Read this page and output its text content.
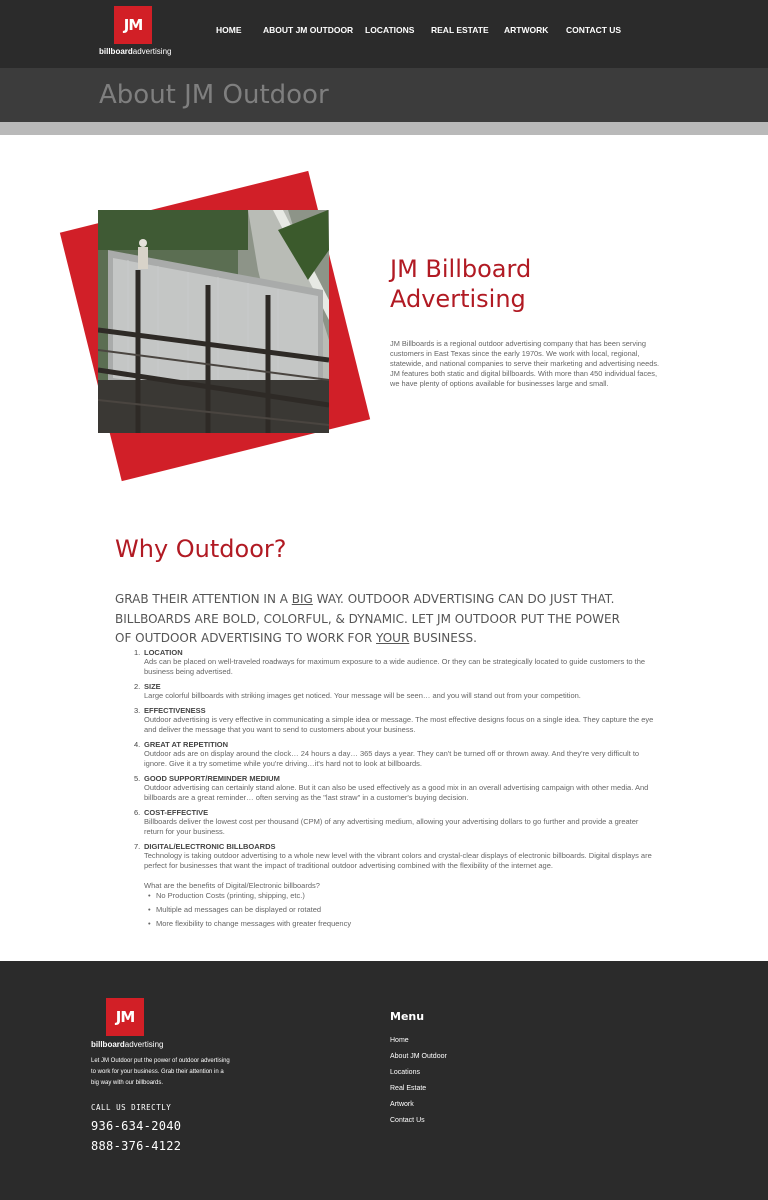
JM
billboardadvertising
HOME	ABOUT JM OUTDOOR LOCATIONS REAL ESTATE ARTWORK CONTACT US
About JM Outdoor
JM Billboard Advertising

JM Billboards is a regional outdoor advertising company that has been serving customers in East Texas since the early 1970s. We work with local, regional, statewide, and national companies to serve their marketing and advertising needs. JM features both static and digital billboards. With more than 450 individual faces, we have plenty of options available for businesses large and small.

Why Outdoor?

GRAB THEIR ATTENTION IN A BIG WAY. OUTDOOR ADVERTISING CAN DO JUST THAT. BILLBOARDS ARE BOLD, COLORFUL, & DYNAMIC. LET JM OUTDOOR PUT THE POWER OF OUTDOOR ADVERTISING TO WORK FOR YOUR BUSINESS.

1. LOCATION
Ads can be placed on well-traveled roadways for maximum exposure to a wide audience. Or they can be strategically located to guide customers to the business being advertised.
2. SIZE
Large colorful billboards with striking images get noticed. Your message will be seen… and you will stand out from your competition.
3. EFFECTIVENESS
Outdoor advertising is very effective in communicating a simple idea or message. The most effective designs focus on a single idea. They capture the eye and deliver the message that you want to send to customers about your business.
4. GREAT AT REPETITION
Outdoor ads are on display around the clock… 24 hours a day… 365 days a year. They can't be turned off or thrown away. And they're very difficult to ignore. Give it a try sometime while you're driving…it's hard not to look at billboards.
5. GOOD SUPPORT/REMINDER MEDIUM
Outdoor advertising can certainly stand alone. But it can also be used effectively as a good mix in an overall advertising campaign with other media. And billboards are a great reminder… often serving as the "last straw" in a customer's buying decision.
6. COST-EFFECTIVE
Billboards deliver the lowest cost per thousand (CPM) of any advertising medium, allowing your advertising dollars to go further and provide a greater return for your business.
7. DIGITAL/ELECTRONIC BILLBOARDS
Technology is taking outdoor advertising to a whole new level with the vibrant colors and crystal-clear displays of electronic billboards. Digital displays are perfect for businesses that want the impact of traditional outdoor advertising combined with the flexibility of the internet age.

What are the benefits of Digital/Electronic billboards?

• No Production Costs (printing, shipping, etc.)
• Multiple ad messages can be displayed or rotated
• More flexibility to change messages with greater frequency
JM
billboardadvertising

Let JM Outdoor put the power of outdoor advertising to work for your business. Grab their attention in a big way with our billboards.

CALL US DIRECTLY
936-634-2040
888-376-4122
Menu
Home
About JM Outdoor
Locations
Real Estate
Artwork
Contact Us
